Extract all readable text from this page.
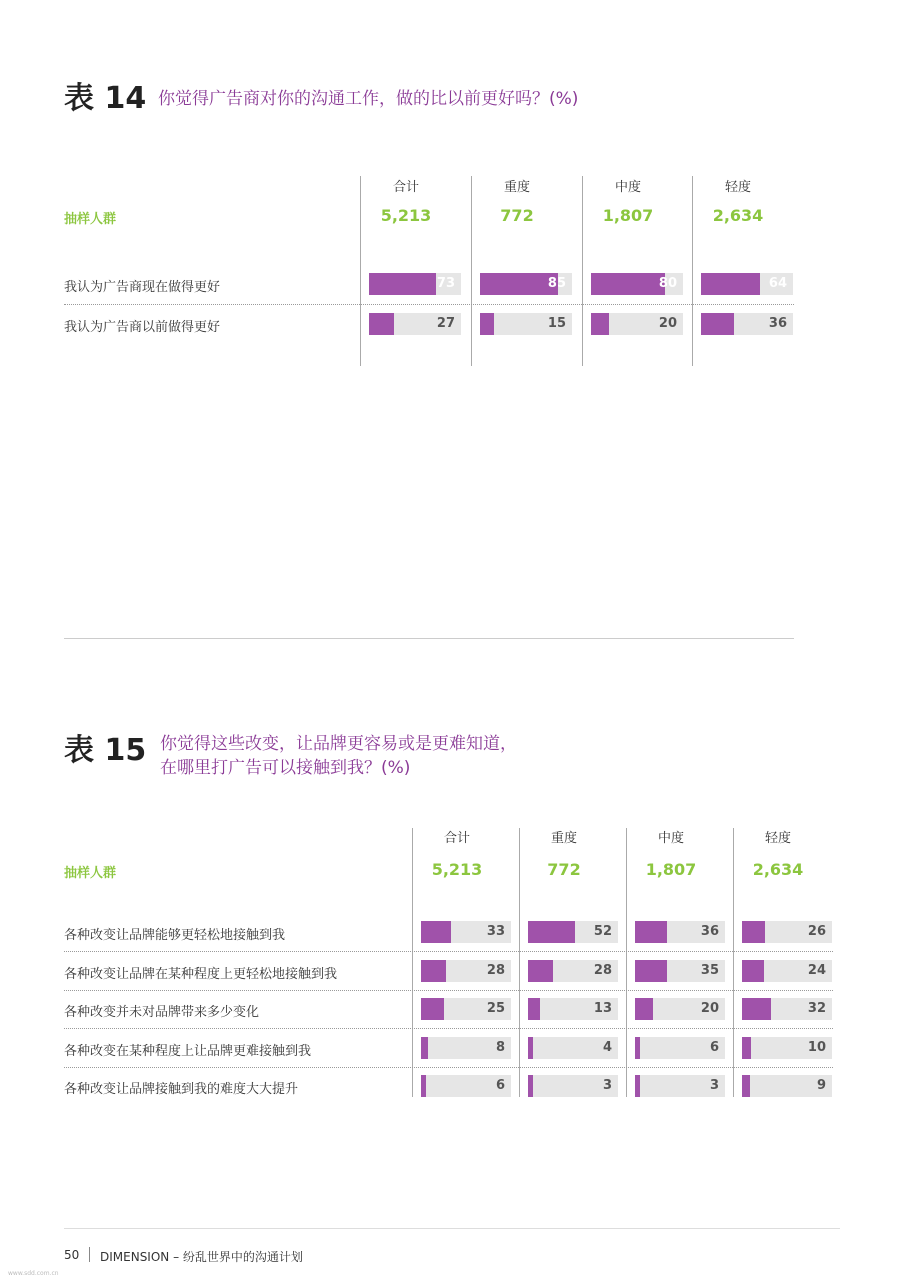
表 14 你觉得广告商对你的沟通工作，做的比以前更好吗？(%)
抽样人群
合计
5,213
重度
772
中度
1,807
轻度
2,634
我认为广告商现在做得更好	73	85	80	64
我认为广告商以前做得更好	27	15	20	36
表 15 你觉得这些改变，让品牌更容易或是更难知道，
在哪里打广告可以接触到我？(%)
抽样人群
合计
5,213
重度
772
中度
1,807
轻度
2,634
各种改变让品牌能够更轻松地接触到我	33	52	36	26
各种改变让品牌在某种程度上更轻松地接触到我	28	28	35	24
各种改变并未对品牌带来多少变化	25	13	20	32
各种改变在某种程度上让品牌更难接触到我	8	4	6	10
各种改变让品牌接触到我的难度大大提升	6	3	3	9
50 DIMENSION – 纷乱世界中的沟通计划
www.sdd.com.cn
